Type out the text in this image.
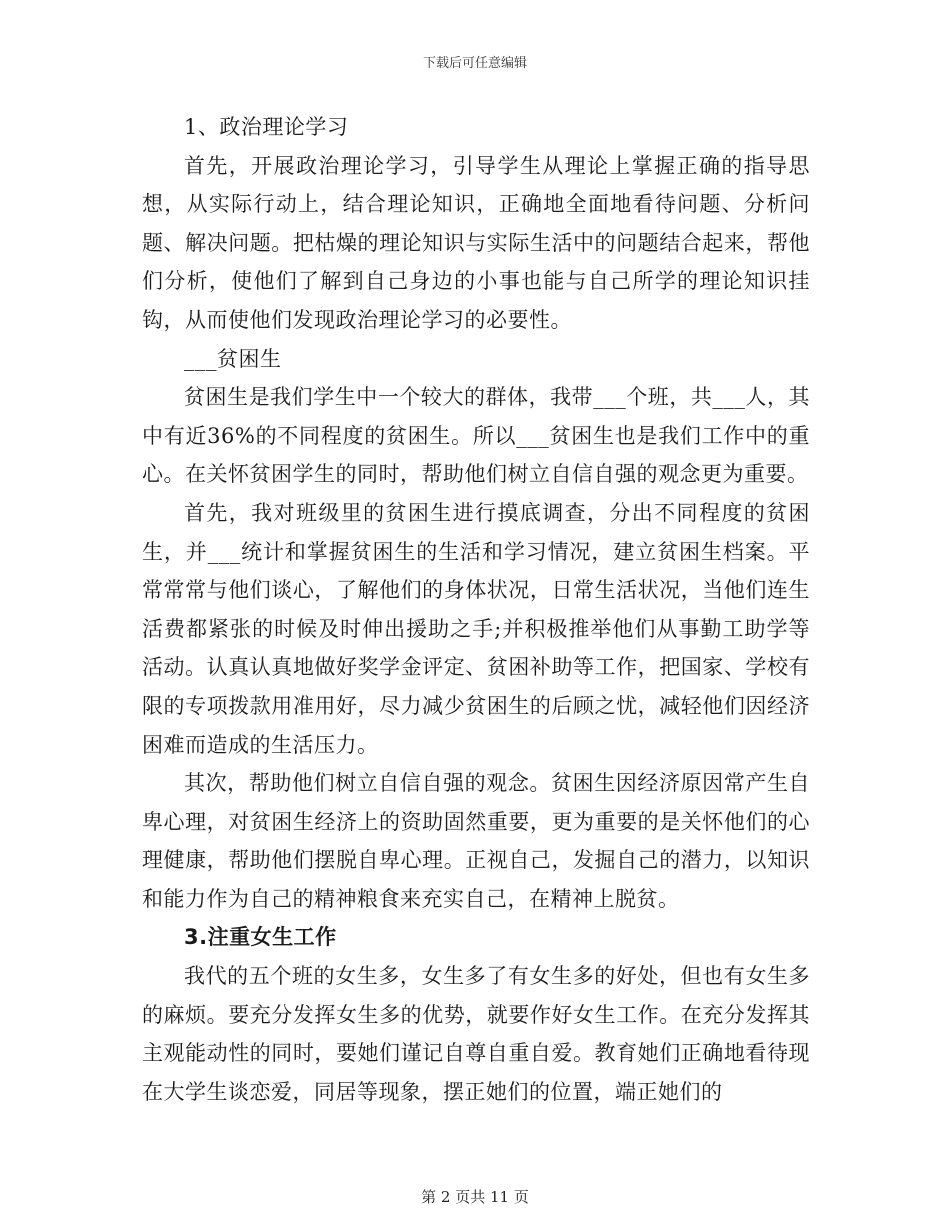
下载后可任意编辑

1、政治理论学习

首先，开展政治理论学习，引导学生从理论上掌握正确的指导思想，从实际行动上，结合理论知识，正确地全面地看待问题、分析问题、解决问题。把枯燥的理论知识与实际生活中的问题结合起来，帮他们分析，使他们了解到自己身边的小事也能与自己所学的理论知识挂钩，从而使他们发现政治理论学习的必要性。

___贫困生

贫困生是我们学生中一个较大的群体，我带___个班，共___人，其中有近36%的不同程度的贫困生。所以___贫困生也是我们工作中的重心。在关怀贫困学生的同时，帮助他们树立自信自强的观念更为重要。

首先，我对班级里的贫困生进行摸底调查，分出不同程度的贫困生，并___统计和掌握贫困生的生活和学习情况，建立贫困生档案。平常常常与他们谈心，了解他们的身体状况，日常生活状况，当他们连生活费都紧张的时候及时伸出援助之手;并积极推举他们从事勤工助学等活动。认真认真地做好奖学金评定、贫困补助等工作，把国家、学校有限的专项拨款用准用好，尽力减少贫困生的后顾之忧，减轻他们因经济困难而造成的生活压力。

其次，帮助他们树立自信自强的观念。贫困生因经济原因常产生自卑心理，对贫困生经济上的资助固然重要，更为重要的是关怀他们的心理健康，帮助他们摆脱自卑心理。正视自己，发掘自己的潜力，以知识和能力作为自己的精神粮食来充实自己，在精神上脱贫。

3.注重女生工作

我代的五个班的女生多，女生多了有女生多的好处，但也有女生多的麻烦。要充分发挥女生多的优势，就要作好女生工作。在充分发挥其主观能动性的同时，要她们谨记自尊自重自爱。教育她们正确地看待现在大学生谈恋爱，同居等现象，摆正她们的位置，端正她们的

第 2 页共 11 页
